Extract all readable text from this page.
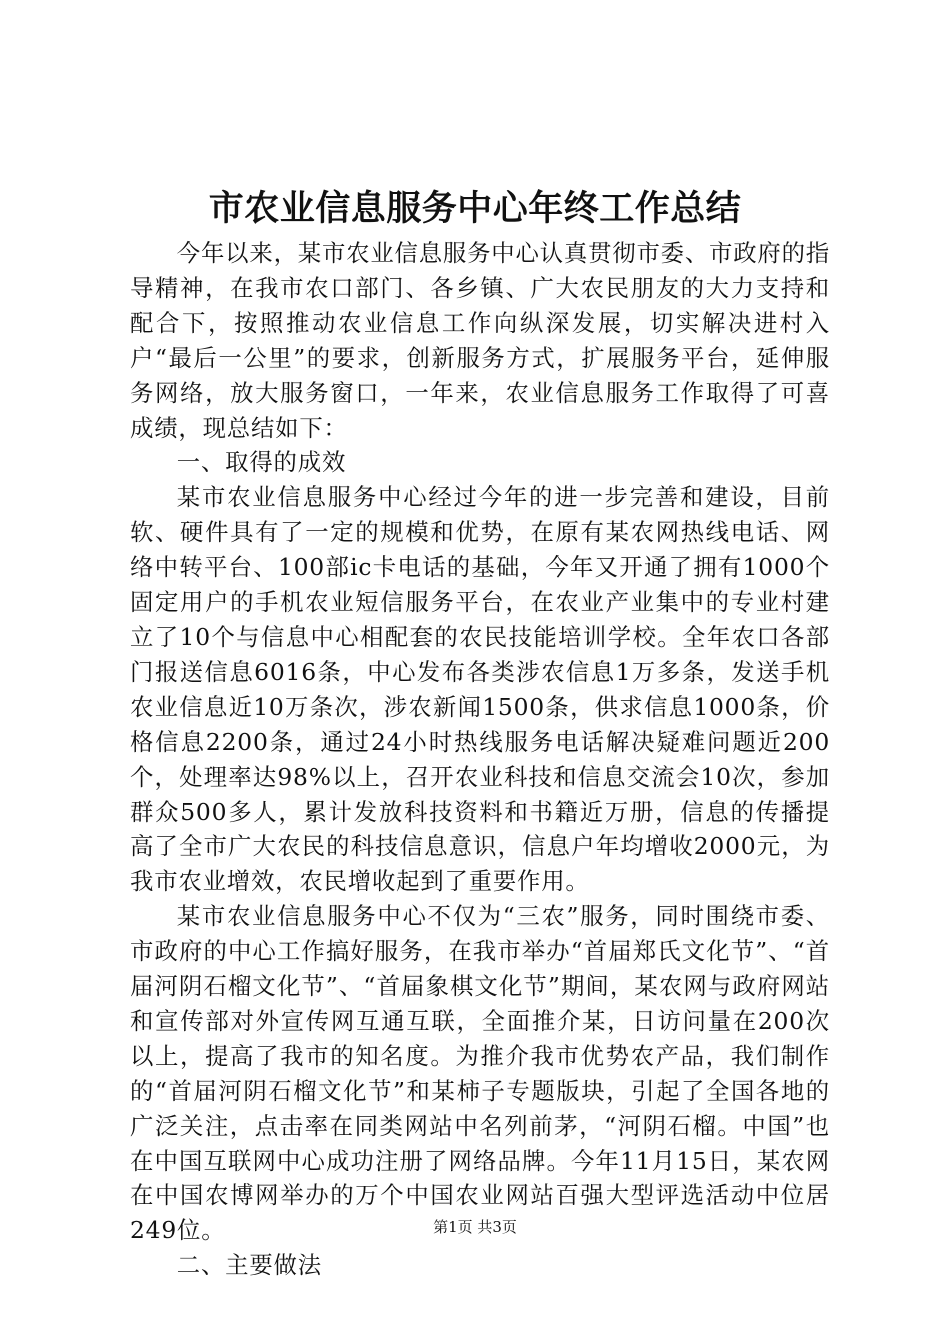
市农业信息服务中心年终工作总结

今年以来，某市农业信息服务中心认真贯彻市委、市政府的指导精神，在我市农口部门、各乡镇、广大农民朋友的大力支持和配合下，按照推动农业信息工作向纵深发展，切实解决进村入户“最后一公里”的要求，创新服务方式，扩展服务平台，延伸服务网络，放大服务窗口，一年来，农业信息服务工作取得了可喜成绩，现总结如下：

一、取得的成效

某市农业信息服务中心经过今年的进一步完善和建设，目前软、硬件具有了一定的规模和优势，在原有某农网热线电话、网络中转平台、100部ic卡电话的基础，今年又开通了拥有1000个固定用户的手机农业短信服务平台，在农业产业集中的专业村建立了10个与信息中心相配套的农民技能培训学校。全年农口各部门报送信息6016条，中心发布各类涉农信息1万多条，发送手机农业信息近10万条次，涉农新闻1500条，供求信息1000条，价格信息2200条，通过24小时热线服务电话解决疑难问题近200个，处理率达98%以上，召开农业科技和信息交流会10次，参加群众500多人，累计发放科技资料和书籍近万册，信息的传播提高了全市广大农民的科技信息意识，信息户年均增收2000元，为我市农业增效，农民增收起到了重要作用。

某市农业信息服务中心不仅为“三农”服务，同时围绕市委、市政府的中心工作搞好服务，在我市举办“首届郑氏文化节”、“首届河阴石榴文化节”、“首届象棋文化节”期间，某农网与政府网站和宣传部对外宣传网互通互联，全面推介某，日访问量在200次以上，提高了我市的知名度。为推介我市优势农产品，我们制作的“首届河阴石榴文化节”和某柿子专题版块，引起了全国各地的广泛关注，点击率在同类网站中名列前茅，“河阴石榴。中国”也在中国互联网中心成功注册了网络品牌。今年11月15日，某农网在中国农博网举办的万个中国农业网站百强大型评选活动中位居249位。

二、主要做法

第1页 共3页
